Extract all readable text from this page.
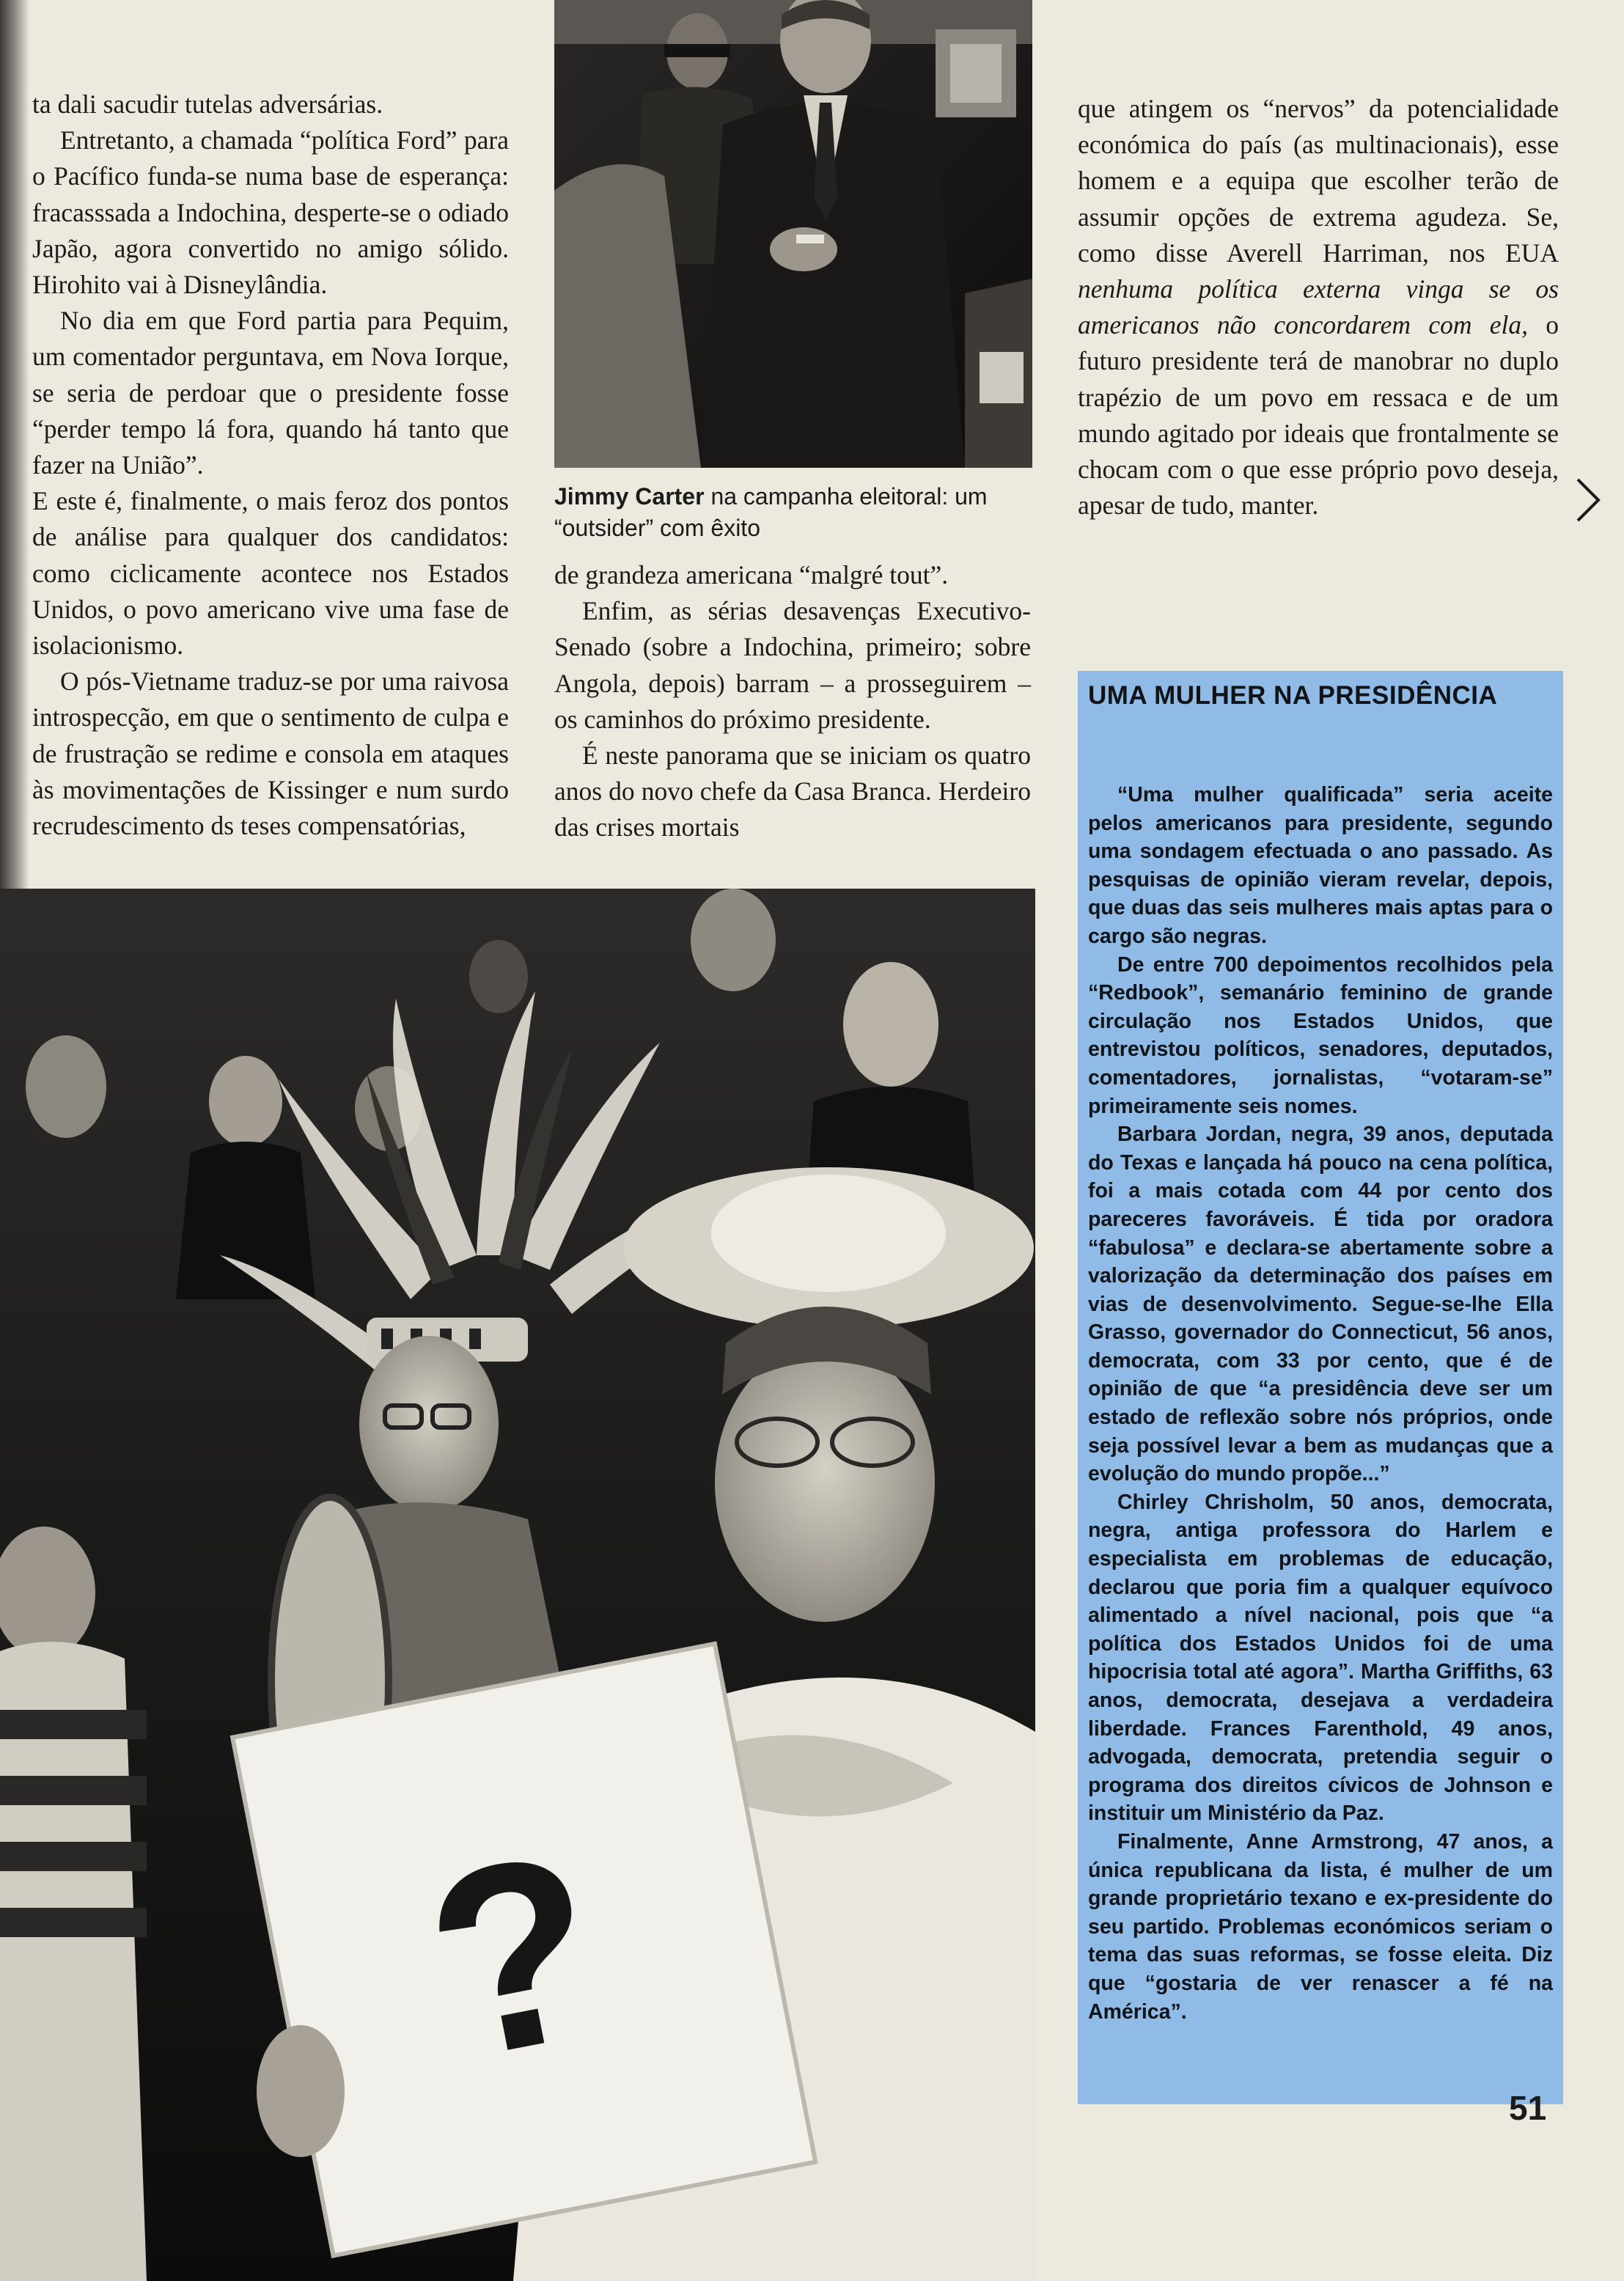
ta dali sacudir tutelas adversárias.

Entretanto, a chamada “política Ford” para o Pacífico funda-se numa base de esperança: fracasssada a Indochina, desperte-se o odiado Japão, agora convertido no amigo sólido. Hirohito vai à Disneylândia.

No dia em que Ford partia para Pequim, um comentador perguntava, em Nova Iorque, se seria de perdoar que o presidente fosse “perder tempo lá fora, quando há tanto que fazer na União”.

E este é, finalmente, o mais feroz dos pontos de análise para qualquer dos candidatos: como ciclicamente acontece nos Estados Unidos, o povo americano vive uma fase de isolacionismo.

O pós-Vietname traduz-se por uma raivosa introspecção, em que o sentimento de culpa e de frustração se redime e consola em ataques às movimentações de Kissinger e num surdo recrudescimento ds teses compensatórias,

Jimmy Carter na campanha eleitoral: um “outsider” com êxito

de grandeza americana “malgré tout”.

Enfim, as sérias desavenças Executivo-Senado (sobre a Indochina, primeiro; sobre Angola, depois) barram – a prosseguirem – os caminhos do próximo presidente.

É neste panorama que se iniciam os quatro anos do novo chefe da Casa Branca. Herdeiro das crises mortais

que atingem os “nervos” da potencialidade económica do país (as multinacionais), esse homem e a equipa que escolher terão de assumir opções de extrema agudeza. Se, como disse Averell Harriman, nos EUA nenhuma política externa vinga se os americanos não concordarem com ela, o futuro presidente terá de manobrar no duplo trapézio de um povo em ressaca e de um mundo agitado por ideais que frontalmente se chocam com o que esse próprio povo deseja, apesar de tudo, manter.

?
UMA MULHER NA PRESIDÊNCIA

“Uma mulher qualificada” seria aceite pelos americanos para presidente, segundo uma sondagem efectuada o ano passado. As pesquisas de opinião vieram revelar, depois, que duas das seis mulheres mais aptas para o cargo são negras.

De entre 700 depoimentos recolhidos pela “Redbook”, semanário feminino de grande circulação nos Estados Unidos, que entrevistou políticos, senadores, deputados, comentadores, jornalistas, “votaram-se” primeiramente seis nomes.

Barbara Jordan, negra, 39 anos, deputada do Texas e lançada há pouco na cena política, foi a mais cotada com 44 por cento dos pareceres favoráveis. É tida por oradora “fabulosa” e declara-se abertamente sobre a valorização da determinação dos países em vias de desenvolvimento. Segue-se-lhe Ella Grasso, governador do Connecticut, 56 anos, democrata, com 33 por cento, que é de opinião de que “a presidência deve ser um estado de reflexão sobre nós próprios, onde seja possível levar a bem as mudanças que a evolução do mundo propõe...”

Chirley Chrisholm, 50 anos, democrata, negra, antiga professora do Harlem e especialista em problemas de educação, declarou que poria fim a qualquer equívoco alimentado a nível nacional, pois que “a política dos Estados Unidos foi de uma hipocrisia total até agora”. Martha Griffiths, 63 anos, democrata, desejava a verdadeira liberdade. Frances Farenthold, 49 anos, advogada, democrata, pretendia seguir o programa dos direitos cívicos de Johnson e instituir um Ministério da Paz.

Finalmente, Anne Armstrong, 47 anos, a única republicana da lista, é mulher de um grande proprietário texano e ex-presidente do seu partido. Problemas económicos seriam o tema das suas reformas, se fosse eleita. Diz que “gostaria de ver renascer a fé na América”.

51
